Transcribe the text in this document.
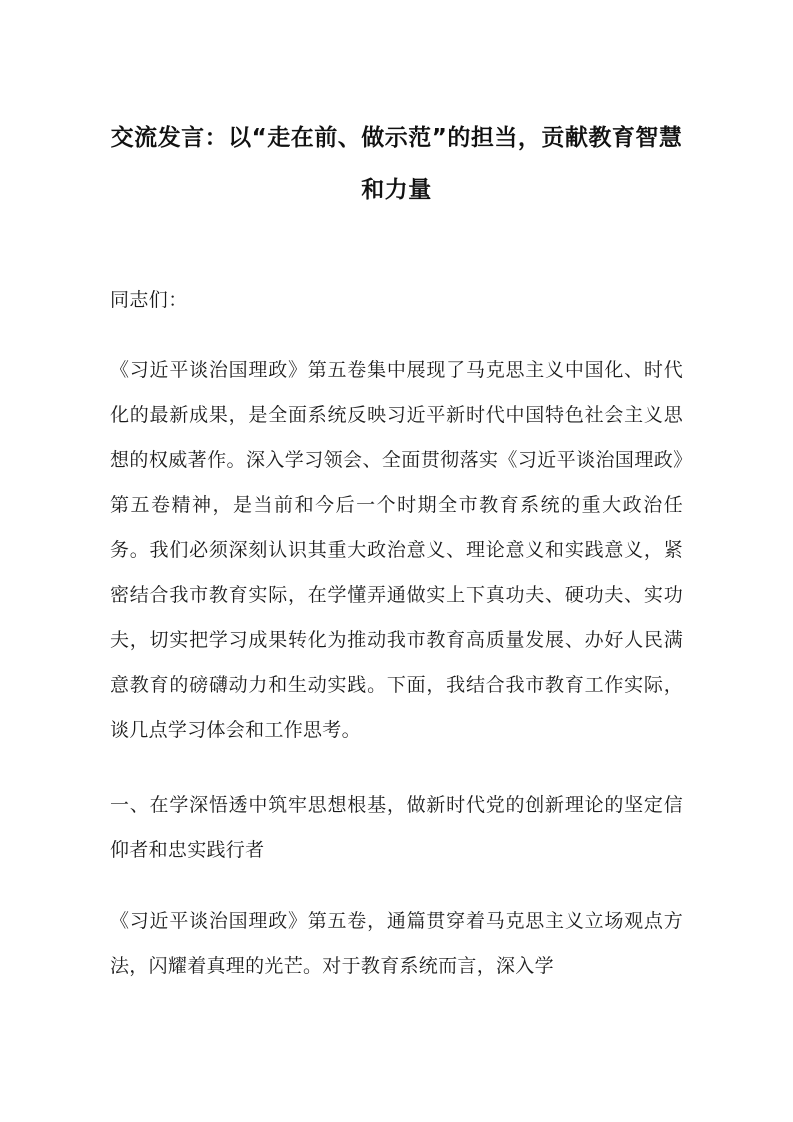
交流发言：以“走在前、做示范”的担当，贡献教育智慧和力量

同志们：

《习近平谈治国理政》第五卷集中展现了马克思主义中国化、时代化的最新成果，是全面系统反映习近平新时代中国特色社会主义思想的权威著作。深入学习领会、全面贯彻落实《习近平谈治国理政》第五卷精神，是当前和今后一个时期全市教育系统的重大政治任务。我们必须深刻认识其重大政治意义、理论意义和实践意义，紧密结合我市教育实际，在学懂弄通做实上下真功夫、硬功夫、实功夫，切实把学习成果转化为推动我市教育高质量发展、办好人民满意教育的磅礴动力和生动实践。下面，我结合我市教育工作实际，谈几点学习体会和工作思考。

一、在学深悟透中筑牢思想根基，做新时代党的创新理论的坚定信仰者和忠实践行者

《习近平谈治国理政》第五卷，通篇贯穿着马克思主义立场观点方法，闪耀着真理的光芒。对于教育系统而言，深入学
